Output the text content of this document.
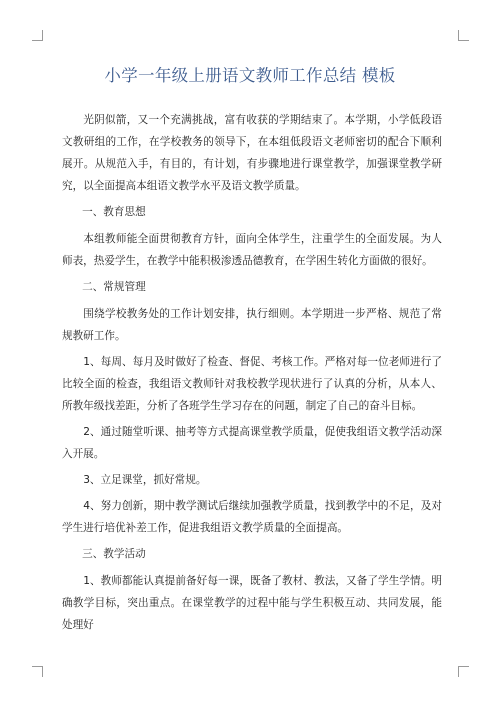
小学一年级上册语文教师工作总结 模板

光阴似箭，又一个充满挑战，富有收获的学期结束了。本学期，小学低段语文教研组的工作，在学校教务的领导下，在本组低段语文老师密切的配合下顺利展开。从规范入手，有目的，有计划，有步骤地进行课堂教学，加强课堂教学研究，以全面提高本组语文教学水平及语文教学质量。

一、教育思想

本组教师能全面贯彻教育方针，面向全体学生，注重学生的全面发展。为人师表，热爱学生，在教学中能积极渗透品德教育，在学困生转化方面做的很好。

二、常规管理

围绕学校教务处的工作计划安排，执行细则。本学期进一步严格、规范了常规教研工作。

1、每周、每月及时做好了检查、督促、考核工作。严格对每一位老师进行了比较全面的检查，我组语文教师针对我校教学现状进行了认真的分析，从本人、所教年级找差距，分析了各班学生学习存在的问题，制定了自己的奋斗目标。

2、通过随堂听课、抽考等方式提高课堂教学质量，促使我组语文教学活动深入开展。

3、立足课堂，抓好常规。

4、努力创新，期中教学测试后继续加强教学质量，找到教学中的不足，及对学生进行培优补差工作，促进我组语文教学质量的全面提高。

三、教学活动

1、教师都能认真提前备好每一课，既备了教材、教法，又备了学生学情。明确教学目标，突出重点。在课堂教学的过程中能与学生积极互动、共同发展，能处理好
